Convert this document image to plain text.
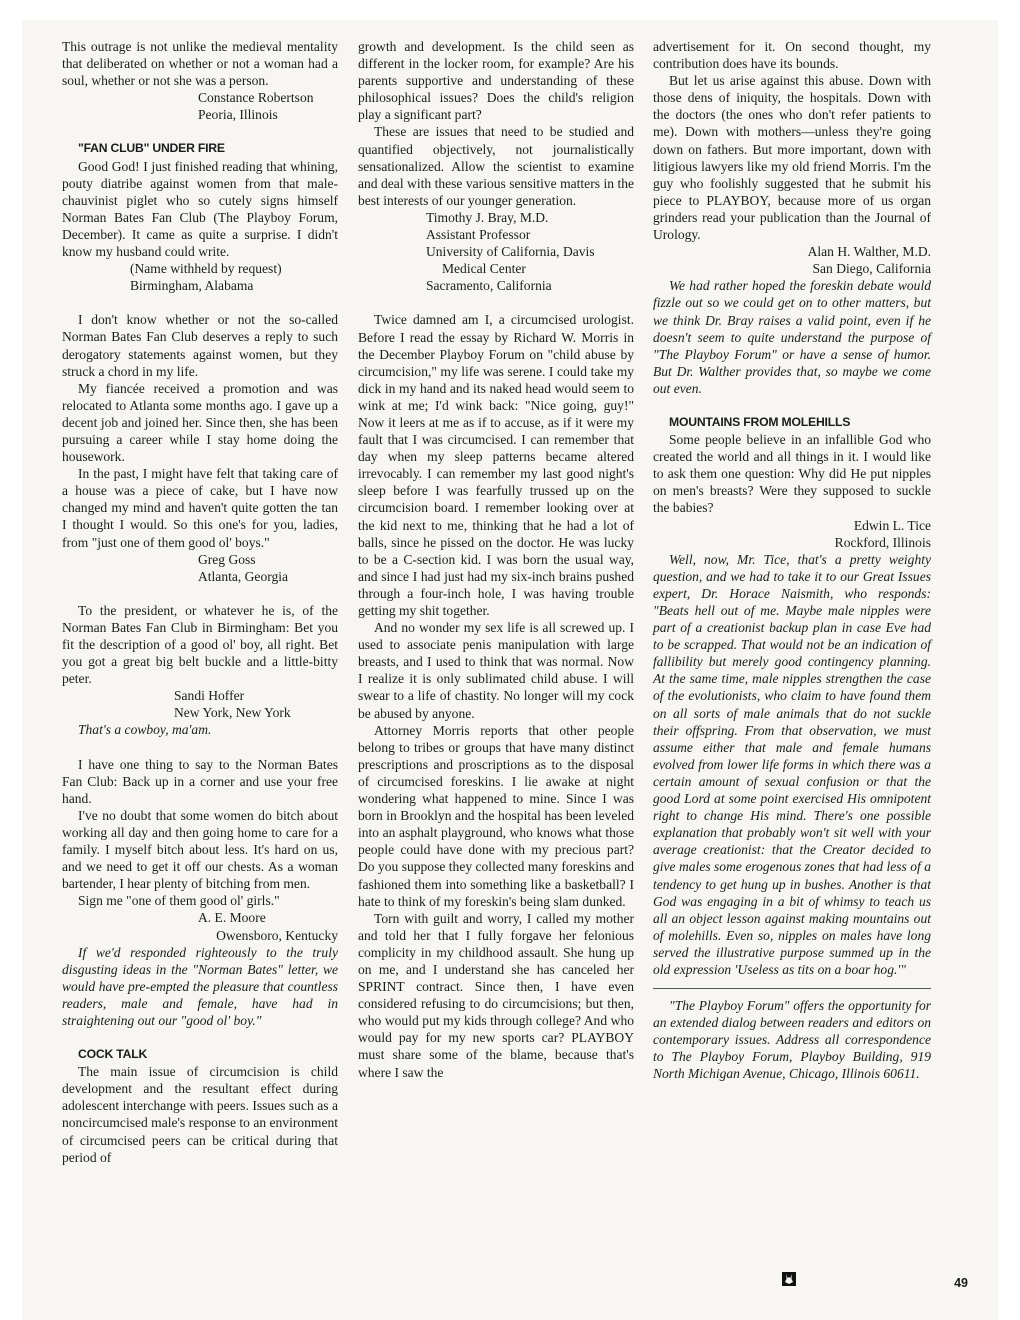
This outrage is not unlike the medieval mentality that deliberated on whether or not a woman had a soul, whether or not she was a person.

Constance Robertson

Peoria, Illinois

"FAN CLUB" UNDER FIRE

Good God! I just finished reading that whining, pouty diatribe against women from that male-chauvinist piglet who so cutely signs himself Norman Bates Fan Club (The Playboy Forum, December). It came as quite a surprise. I didn't know my husband could write.

(Name withheld by request)

Birmingham, Alabama

I don't know whether or not the so-called Norman Bates Fan Club deserves a reply to such derogatory statements against women, but they struck a chord in my life.

My fiancée received a promotion and was relocated to Atlanta some months ago. I gave up a decent job and joined her. Since then, she has been pursuing a career while I stay home doing the housework.

In the past, I might have felt that taking care of a house was a piece of cake, but I have now changed my mind and haven't quite gotten the tan I thought I would. So this one's for you, ladies, from "just one of them good ol' boys."

Greg Goss

Atlanta, Georgia

To the president, or whatever he is, of the Norman Bates Fan Club in Birmingham: Bet you fit the description of a good ol' boy, all right. Bet you got a great big belt buckle and a little-bitty peter.

Sandi Hoffer

New York, New York

That's a cowboy, ma'am.

I have one thing to say to the Norman Bates Fan Club: Back up in a corner and use your free hand.

I've no doubt that some women do bitch about working all day and then going home to care for a family. I myself bitch about less. It's hard on us, and we need to get it off our chests. As a woman bartender, I hear plenty of bitching from men.

Sign me "one of them good ol' girls."

A. E. Moore

Owensboro, Kentucky

If we'd responded righteously to the truly disgusting ideas in the "Norman Bates" letter, we would have pre-empted the pleasure that countless readers, male and female, have had in straightening out our "good ol' boy."

COCK TALK

The main issue of circumcision is child development and the resultant effect during adolescent interchange with peers. Issues such as a noncircumcised male's response to an environment of circumcised peers can be critical during that period of

growth and development. Is the child seen as different in the locker room, for example? Are his parents supportive and understanding of these philosophical issues? Does the child's religion play a significant part?

These are issues that need to be studied and quantified objectively, not journalistically sensationalized. Allow the scientist to examine and deal with these various sensitive matters in the best interests of our younger generation.

Timothy J. Bray, M.D.

Assistant Professor

University of California, Davis

Medical Center

Sacramento, California

Twice damned am I, a circumcised urologist. Before I read the essay by Richard W. Morris in the December Playboy Forum on "child abuse by circumcision," my life was serene. I could take my dick in my hand and its naked head would seem to wink at me; I'd wink back: "Nice going, guy!" Now it leers at me as if to accuse, as if it were my fault that I was circumcised. I can remember that day when my sleep patterns became altered irrevocably. I can remember my last good night's sleep before I was fearfully trussed up on the circumcision board. I remember looking over at the kid next to me, thinking that he had a lot of balls, since he pissed on the doctor. He was lucky to be a C-section kid. I was born the usual way, and since I had just had my six-inch brains pushed through a four-inch hole, I was having trouble getting my shit together.

And no wonder my sex life is all screwed up. I used to associate penis manipulation with large breasts, and I used to think that was normal. Now I realize it is only sublimated child abuse. I will swear to a life of chastity. No longer will my cock be abused by anyone.

Attorney Morris reports that other people belong to tribes or groups that have many distinct prescriptions and proscriptions as to the disposal of circumcised foreskins. I lie awake at night wondering what happened to mine. Since I was born in Brooklyn and the hospital has been leveled into an asphalt playground, who knows what those people could have done with my precious part? Do you suppose they collected many foreskins and fashioned them into something like a basketball? I hate to think of my foreskin's being slam dunked.

Torn with guilt and worry, I called my mother and told her that I fully forgave her felonious complicity in my childhood assault. She hung up on me, and I understand she has canceled her SPRINT contract. Since then, I have even considered refusing to do circumcisions; but then, who would put my kids through college? And who would pay for my new sports car? PLAYBOY must share some of the blame, because that's where I saw the

advertisement for it. On second thought, my contribution does have its bounds.

But let us arise against this abuse. Down with those dens of iniquity, the hospitals. Down with the doctors (the ones who don't refer patients to me). Down with mothers—unless they're going down on fathers. But more important, down with litigious lawyers like my old friend Morris. I'm the guy who foolishly suggested that he submit his piece to PLAYBOY, because more of us organ grinders read your publication than the Journal of Urology.

Alan H. Walther, M.D.

San Diego, California

We had rather hoped the foreskin debate would fizzle out so we could get on to other matters, but we think Dr. Bray raises a valid point, even if he doesn't seem to quite understand the purpose of "The Playboy Forum" or have a sense of humor. But Dr. Walther provides that, so maybe we come out even.

MOUNTAINS FROM MOLEHILLS

Some people believe in an infallible God who created the world and all things in it. I would like to ask them one question: Why did He put nipples on men's breasts? Were they supposed to suckle the babies?

Edwin L. Tice

Rockford, Illinois

Well, now, Mr. Tice, that's a pretty weighty question, and we had to take it to our Great Issues expert, Dr. Horace Naismith, who responds: "Beats hell out of me. Maybe male nipples were part of a creationist backup plan in case Eve had to be scrapped. That would not be an indication of fallibility but merely good contingency planning. At the same time, male nipples strengthen the case of the evolutionists, who claim to have found them on all sorts of male animals that do not suckle their offspring. From that observation, we must assume either that male and female humans evolved from lower life forms in which there was a certain amount of sexual confusion or that the good Lord at some point exercised His omnipotent right to change His mind. There's one possible explanation that probably won't sit well with your average creationist: that the Creator decided to give males some erogenous zones that had less of a tendency to get hung up in bushes. Another is that God was engaging in a bit of whimsy to teach us all an object lesson against making mountains out of molehills. Even so, nipples on males have long served the illustrative purpose summed up in the old expression 'Useless as tits on a boar hog.'"

"The Playboy Forum" offers the opportunity for an extended dialog between readers and editors on contemporary issues. Address all correspondence to The Playboy Forum, Playboy Building, 919 North Michigan Avenue, Chicago, Illinois 60611.

49
